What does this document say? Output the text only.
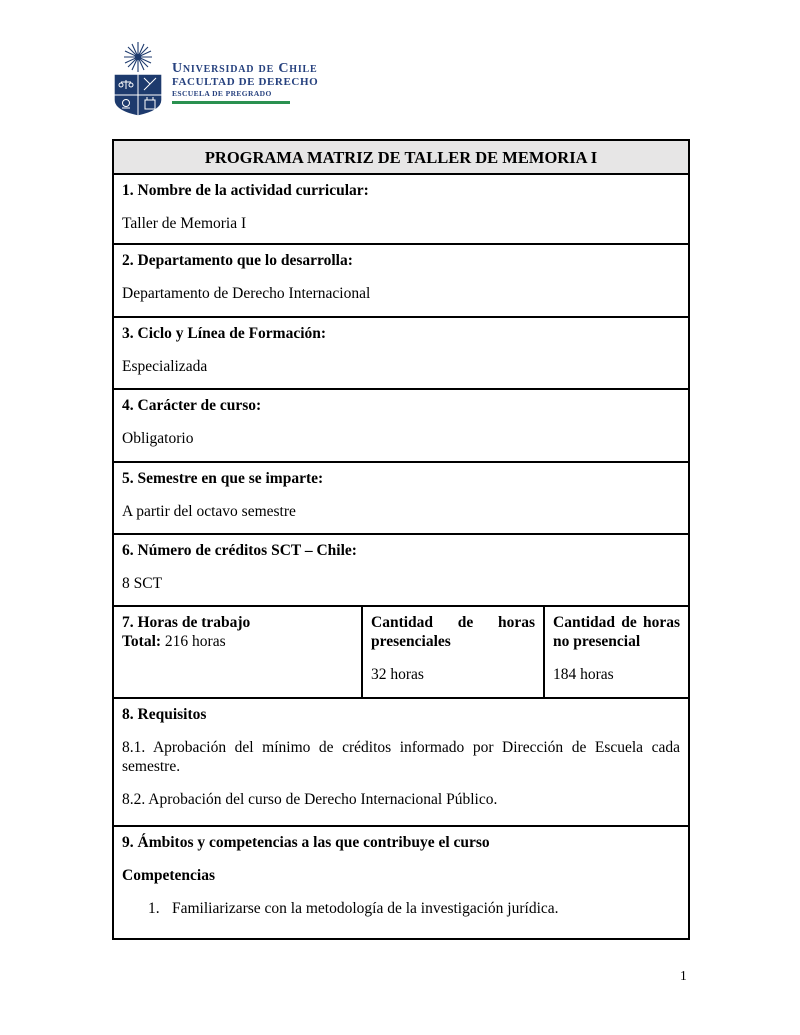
Universidad de Chile
FACULTAD DE DERECHO
ESCUELA DE PREGRADO
PROGRAMA MATRIZ DE TALLER DE MEMORIA I

1. Nombre de la actividad curricular:
Taller de Memoria I

2. Departamento que lo desarrolla:
Departamento de Derecho Internacional

3. Ciclo y Línea de Formación:
Especializada

4. Carácter de curso:
Obligatorio

5. Semestre en que se imparte:
A partir del octavo semestre

6. Número de créditos SCT – Chile:
8 SCT

7. Horas de trabajo
Total: 216 horas

Cantidad de horas presenciales
32 horas

Cantidad de horas no presencial
184 horas

8. Requisitos
8.1. Aprobación del mínimo de créditos informado por Dirección de Escuela cada semestre.
8.2. Aprobación del curso de Derecho Internacional Público.

9. Ámbitos y competencias a las que contribuye el curso
Competencias
1. Familiarizarse con la metodología de la investigación jurídica.
1
